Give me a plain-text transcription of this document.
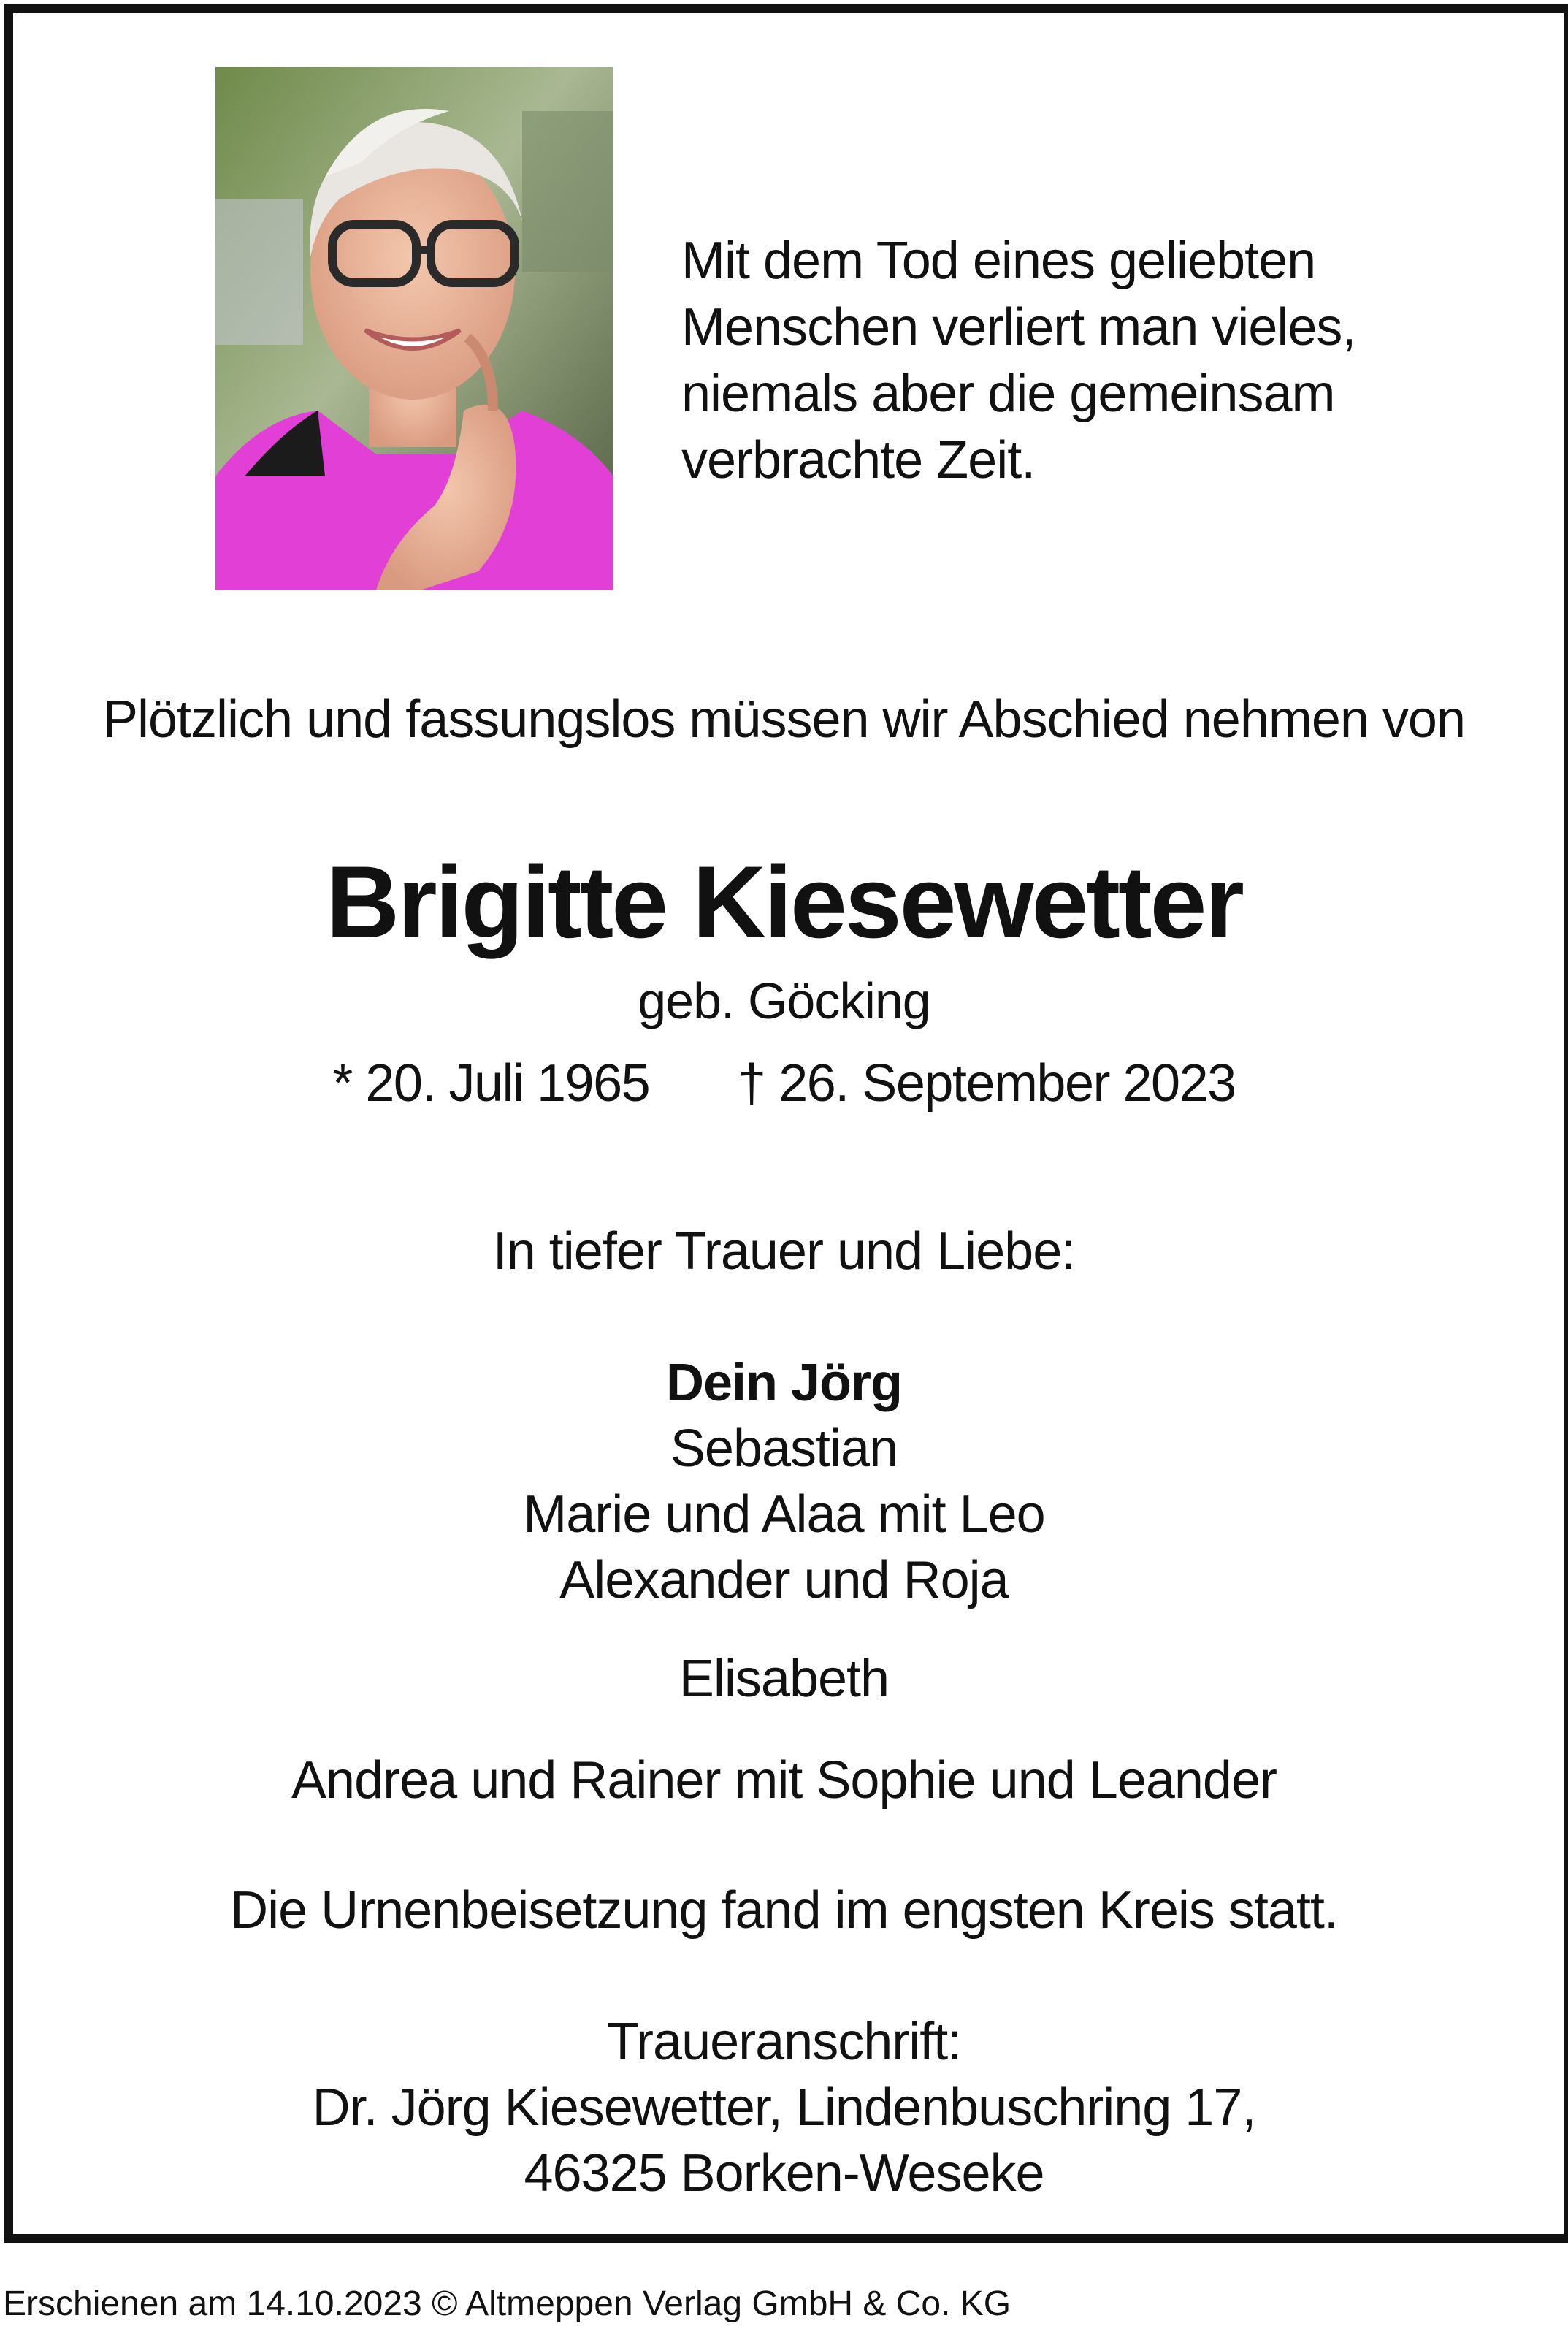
Mit dem Tod eines geliebten
Menschen verliert man vieles,
niemals aber die gemeinsam
verbrachte Zeit.
Plötzlich und fassungslos müssen wir Abschied nehmen von
Brigitte Kiesewetter
geb. Göcking
* 20. Juli 1965 † 26. September 2023
In tiefer Trauer und Liebe:
Dein Jörg
Sebastian
Marie und Alaa mit Leo
Alexander und Roja
Elisabeth
Andrea und Rainer mit Sophie und Leander
Die Urnenbeisetzung fand im engsten Kreis statt.
Traueranschrift:
Dr. Jörg Kiesewetter, Lindenbuschring 17,
46325 Borken-Weseke
Erschienen am 14.10.2023 © Altmeppen Verlag GmbH & Co. KG
